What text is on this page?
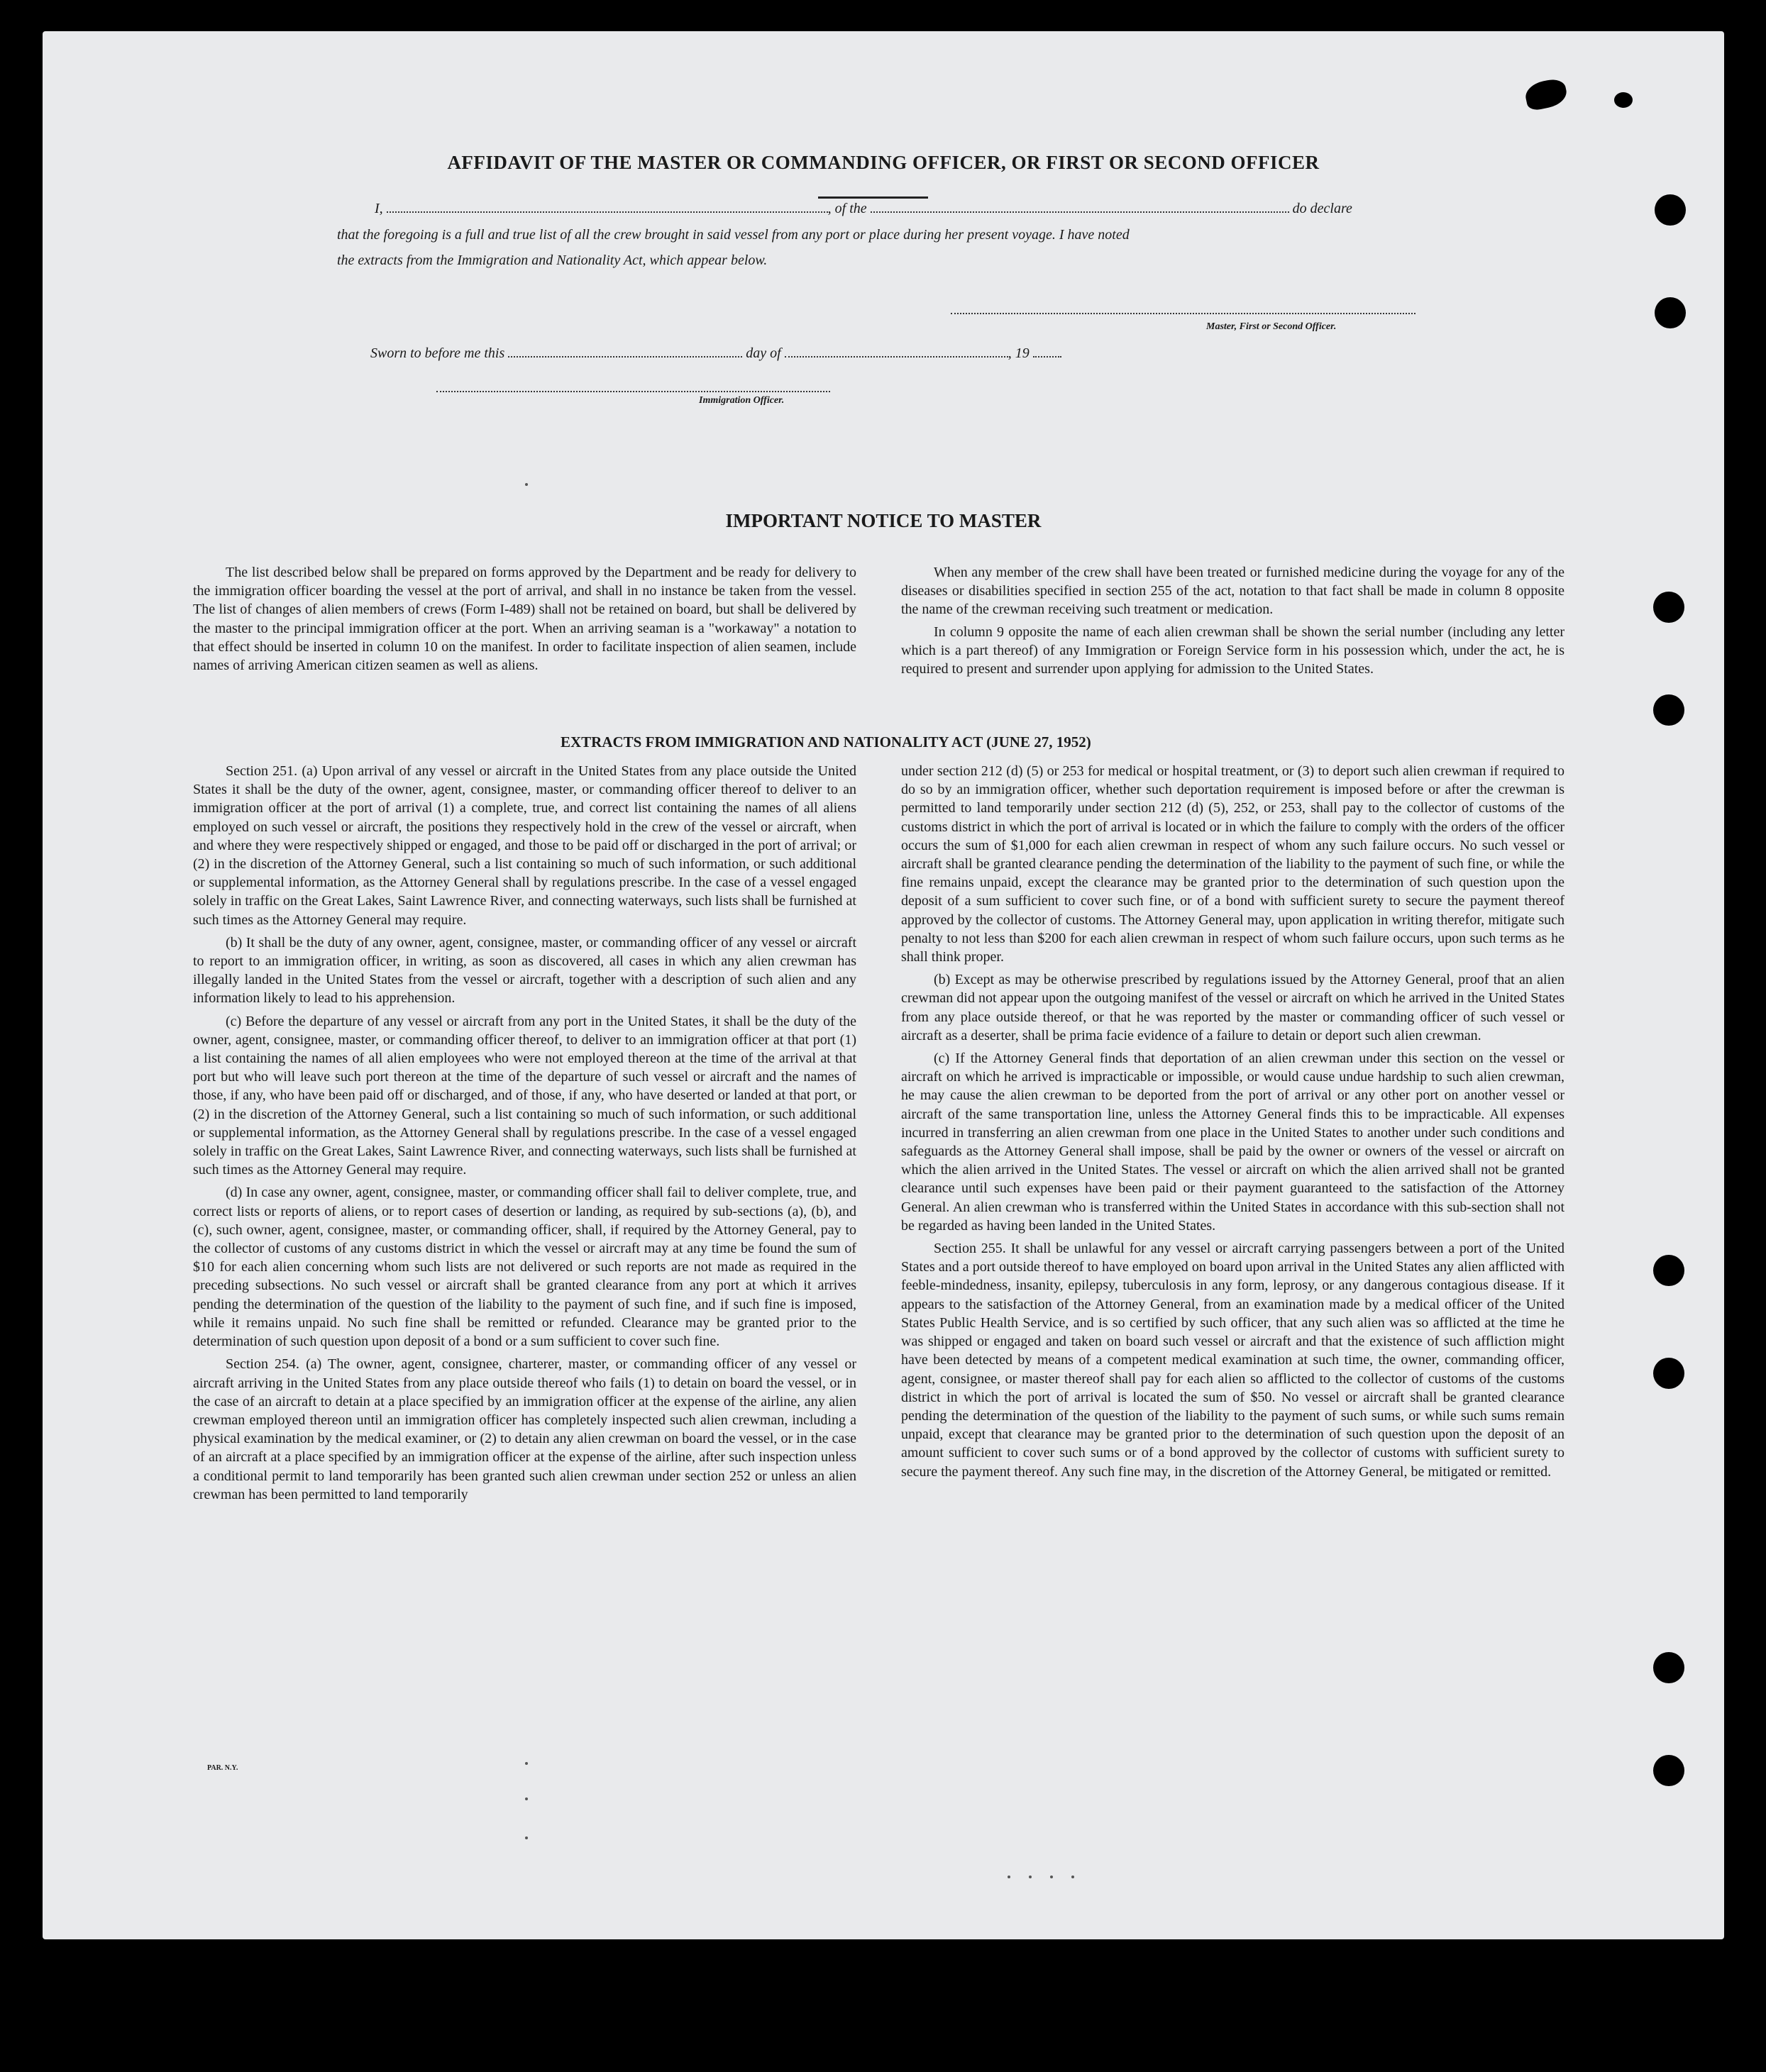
AFFIDAVIT OF THE MASTER OR COMMANDING OFFICER, OR FIRST OR SECOND OFFICER
I,	, of the	do declare
that the foregoing is a full and true list of all the crew brought in said vessel from any port or place during her present voyage. I have noted
the extracts from the Immigration and Nationality Act, which appear below.
Master, First or Second Officer.
Sworn to before me this	day of	, 19
Immigration Officer.
IMPORTANT NOTICE TO MASTER

The list described below shall be prepared on forms approved by the Department and be ready for delivery to the immigration officer boarding the vessel at the port of arrival, and shall in no instance be taken from the vessel. The list of changes of alien members of crews (Form I-489) shall not be retained on board, but shall be delivered by the master to the principal immigration officer at the port. When an arriving seaman is a "workaway" a notation to that effect should be inserted in column 10 on the manifest. In order to facilitate inspection of alien seamen, include names of arriving American citizen seamen as well as aliens.

When any member of the crew shall have been treated or furnished medicine during the voyage for any of the diseases or disabilities specified in section 255 of the act, notation to that fact shall be made in column 8 opposite the name of the crewman receiving such treatment or medication.

In column 9 opposite the name of each alien crewman shall be shown the serial number (including any letter which is a part thereof) of any Immigration or Foreign Service form in his possession which, under the act, he is required to present and surrender upon applying for admission to the United States.

EXTRACTS FROM IMMIGRATION AND NATIONALITY ACT (JUNE 27, 1952)

Section 251. (a) Upon arrival of any vessel or aircraft in the United States from any place outside the United States it shall be the duty of the owner, agent, consignee, master, or commanding officer thereof to deliver to an immigration officer at the port of arrival (1) a complete, true, and correct list containing the names of all aliens employed on such vessel or aircraft, the positions they respectively hold in the crew of the vessel or aircraft, when and where they were respectively shipped or engaged, and those to be paid off or discharged in the port of arrival; or (2) in the discretion of the Attorney General, such a list containing so much of such information, or such additional or supplemental information, as the Attorney General shall by regulations prescribe. In the case of a vessel engaged solely in traffic on the Great Lakes, Saint Lawrence River, and connecting waterways, such lists shall be furnished at such times as the Attorney General may require.

(b) It shall be the duty of any owner, agent, consignee, master, or commanding officer of any vessel or aircraft to report to an immigration officer, in writing, as soon as discovered, all cases in which any alien crewman has illegally landed in the United States from the vessel or aircraft, together with a description of such alien and any information likely to lead to his apprehension.

(c) Before the departure of any vessel or aircraft from any port in the United States, it shall be the duty of the owner, agent, consignee, master, or commanding officer thereof, to deliver to an immigration officer at that port (1) a list containing the names of all alien employees who were not employed thereon at the time of the arrival at that port but who will leave such port thereon at the time of the departure of such vessel or aircraft and the names of those, if any, who have been paid off or discharged, and of those, if any, who have deserted or landed at that port, or (2) in the discretion of the Attorney General, such a list containing so much of such information, or such additional or supplemental information, as the Attorney General shall by regulations prescribe. In the case of a vessel engaged solely in traffic on the Great Lakes, Saint Lawrence River, and connecting waterways, such lists shall be furnished at such times as the Attorney General may require.

(d) In case any owner, agent, consignee, master, or commanding officer shall fail to deliver complete, true, and correct lists or reports of aliens, or to report cases of desertion or landing, as required by sub-sections (a), (b), and (c), such owner, agent, consignee, master, or commanding officer, shall, if required by the Attorney General, pay to the collector of customs of any customs district in which the vessel or aircraft may at any time be found the sum of $10 for each alien concerning whom such lists are not delivered or such reports are not made as required in the preceding subsections. No such vessel or aircraft shall be granted clearance from any port at which it arrives pending the determination of the question of the liability to the payment of such fine, and if such fine is imposed, while it remains unpaid. No such fine shall be remitted or refunded. Clearance may be granted prior to the determination of such question upon deposit of a bond or a sum sufficient to cover such fine.

Section 254. (a) The owner, agent, consignee, charterer, master, or commanding officer of any vessel or aircraft arriving in the United States from any place outside thereof who fails (1) to detain on board the vessel, or in the case of an aircraft to detain at a place specified by an immigration officer at the expense of the airline, any alien crewman employed thereon until an immigration officer has completely inspected such alien crewman, including a physical examination by the medical examiner, or (2) to detain any alien crewman on board the vessel, or in the case of an aircraft at a place specified by an immigration officer at the expense of the airline, after such inspection unless a conditional permit to land temporarily has been granted such alien crewman under section 252 or unless an alien crewman has been permitted to land temporarily

under section 212 (d) (5) or 253 for medical or hospital treatment, or (3) to deport such alien crewman if required to do so by an immigration officer, whether such deportation requirement is imposed before or after the crewman is permitted to land temporarily under section 212 (d) (5), 252, or 253, shall pay to the collector of customs of the customs district in which the port of arrival is located or in which the failure to comply with the orders of the officer occurs the sum of $1,000 for each alien crewman in respect of whom any such failure occurs. No such vessel or aircraft shall be granted clearance pending the determination of the liability to the payment of such fine, or while the fine remains unpaid, except the clearance may be granted prior to the determination of such question upon the deposit of a sum sufficient to cover such fine, or of a bond with sufficient surety to secure the payment thereof approved by the collector of customs. The Attorney General may, upon application in writing therefor, mitigate such penalty to not less than $200 for each alien crewman in respect of whom such failure occurs, upon such terms as he shall think proper.

(b) Except as may be otherwise prescribed by regulations issued by the Attorney General, proof that an alien crewman did not appear upon the outgoing manifest of the vessel or aircraft on which he arrived in the United States from any place outside thereof, or that he was reported by the master or commanding officer of such vessel or aircraft as a deserter, shall be prima facie evidence of a failure to detain or deport such alien crewman.

(c) If the Attorney General finds that deportation of an alien crewman under this section on the vessel or aircraft on which he arrived is impracticable or impossible, or would cause undue hardship to such alien crewman, he may cause the alien crewman to be deported from the port of arrival or any other port on another vessel or aircraft of the same transportation line, unless the Attorney General finds this to be impracticable. All expenses incurred in transferring an alien crewman from one place in the United States to another under such conditions and safeguards as the Attorney General shall impose, shall be paid by the owner or owners of the vessel or aircraft on which the alien arrived in the United States. The vessel or aircraft on which the alien arrived shall not be granted clearance until such expenses have been paid or their payment guaranteed to the satisfaction of the Attorney General. An alien crewman who is transferred within the United States in accordance with this sub-section shall not be regarded as having been landed in the United States.

Section 255. It shall be unlawful for any vessel or aircraft carrying passengers between a port of the United States and a port outside thereof to have employed on board upon arrival in the United States any alien afflicted with feeble-mindedness, insanity, epilepsy, tuberculosis in any form, leprosy, or any dangerous contagious disease. If it appears to the satisfaction of the Attorney General, from an examination made by a medical officer of the United States Public Health Service, and is so certified by such officer, that any such alien was so afflicted at the time he was shipped or engaged and taken on board such vessel or aircraft and that the existence of such affliction might have been detected by means of a competent medical examination at such time, the owner, commanding officer, agent, consignee, or master thereof shall pay for each alien so afflicted to the collector of customs of the customs district in which the port of arrival is located the sum of $50. No vessel or aircraft shall be granted clearance pending the determination of the question of the liability to the payment of such sums, or while such sums remain unpaid, except that clearance may be granted prior to the determination of such question upon the deposit of an amount sufficient to cover such sums or of a bond approved by the collector of customs with sufficient surety to secure the payment thereof. Any such fine may, in the discretion of the Attorney General, be mitigated or remitted.

PAR. N.Y.
